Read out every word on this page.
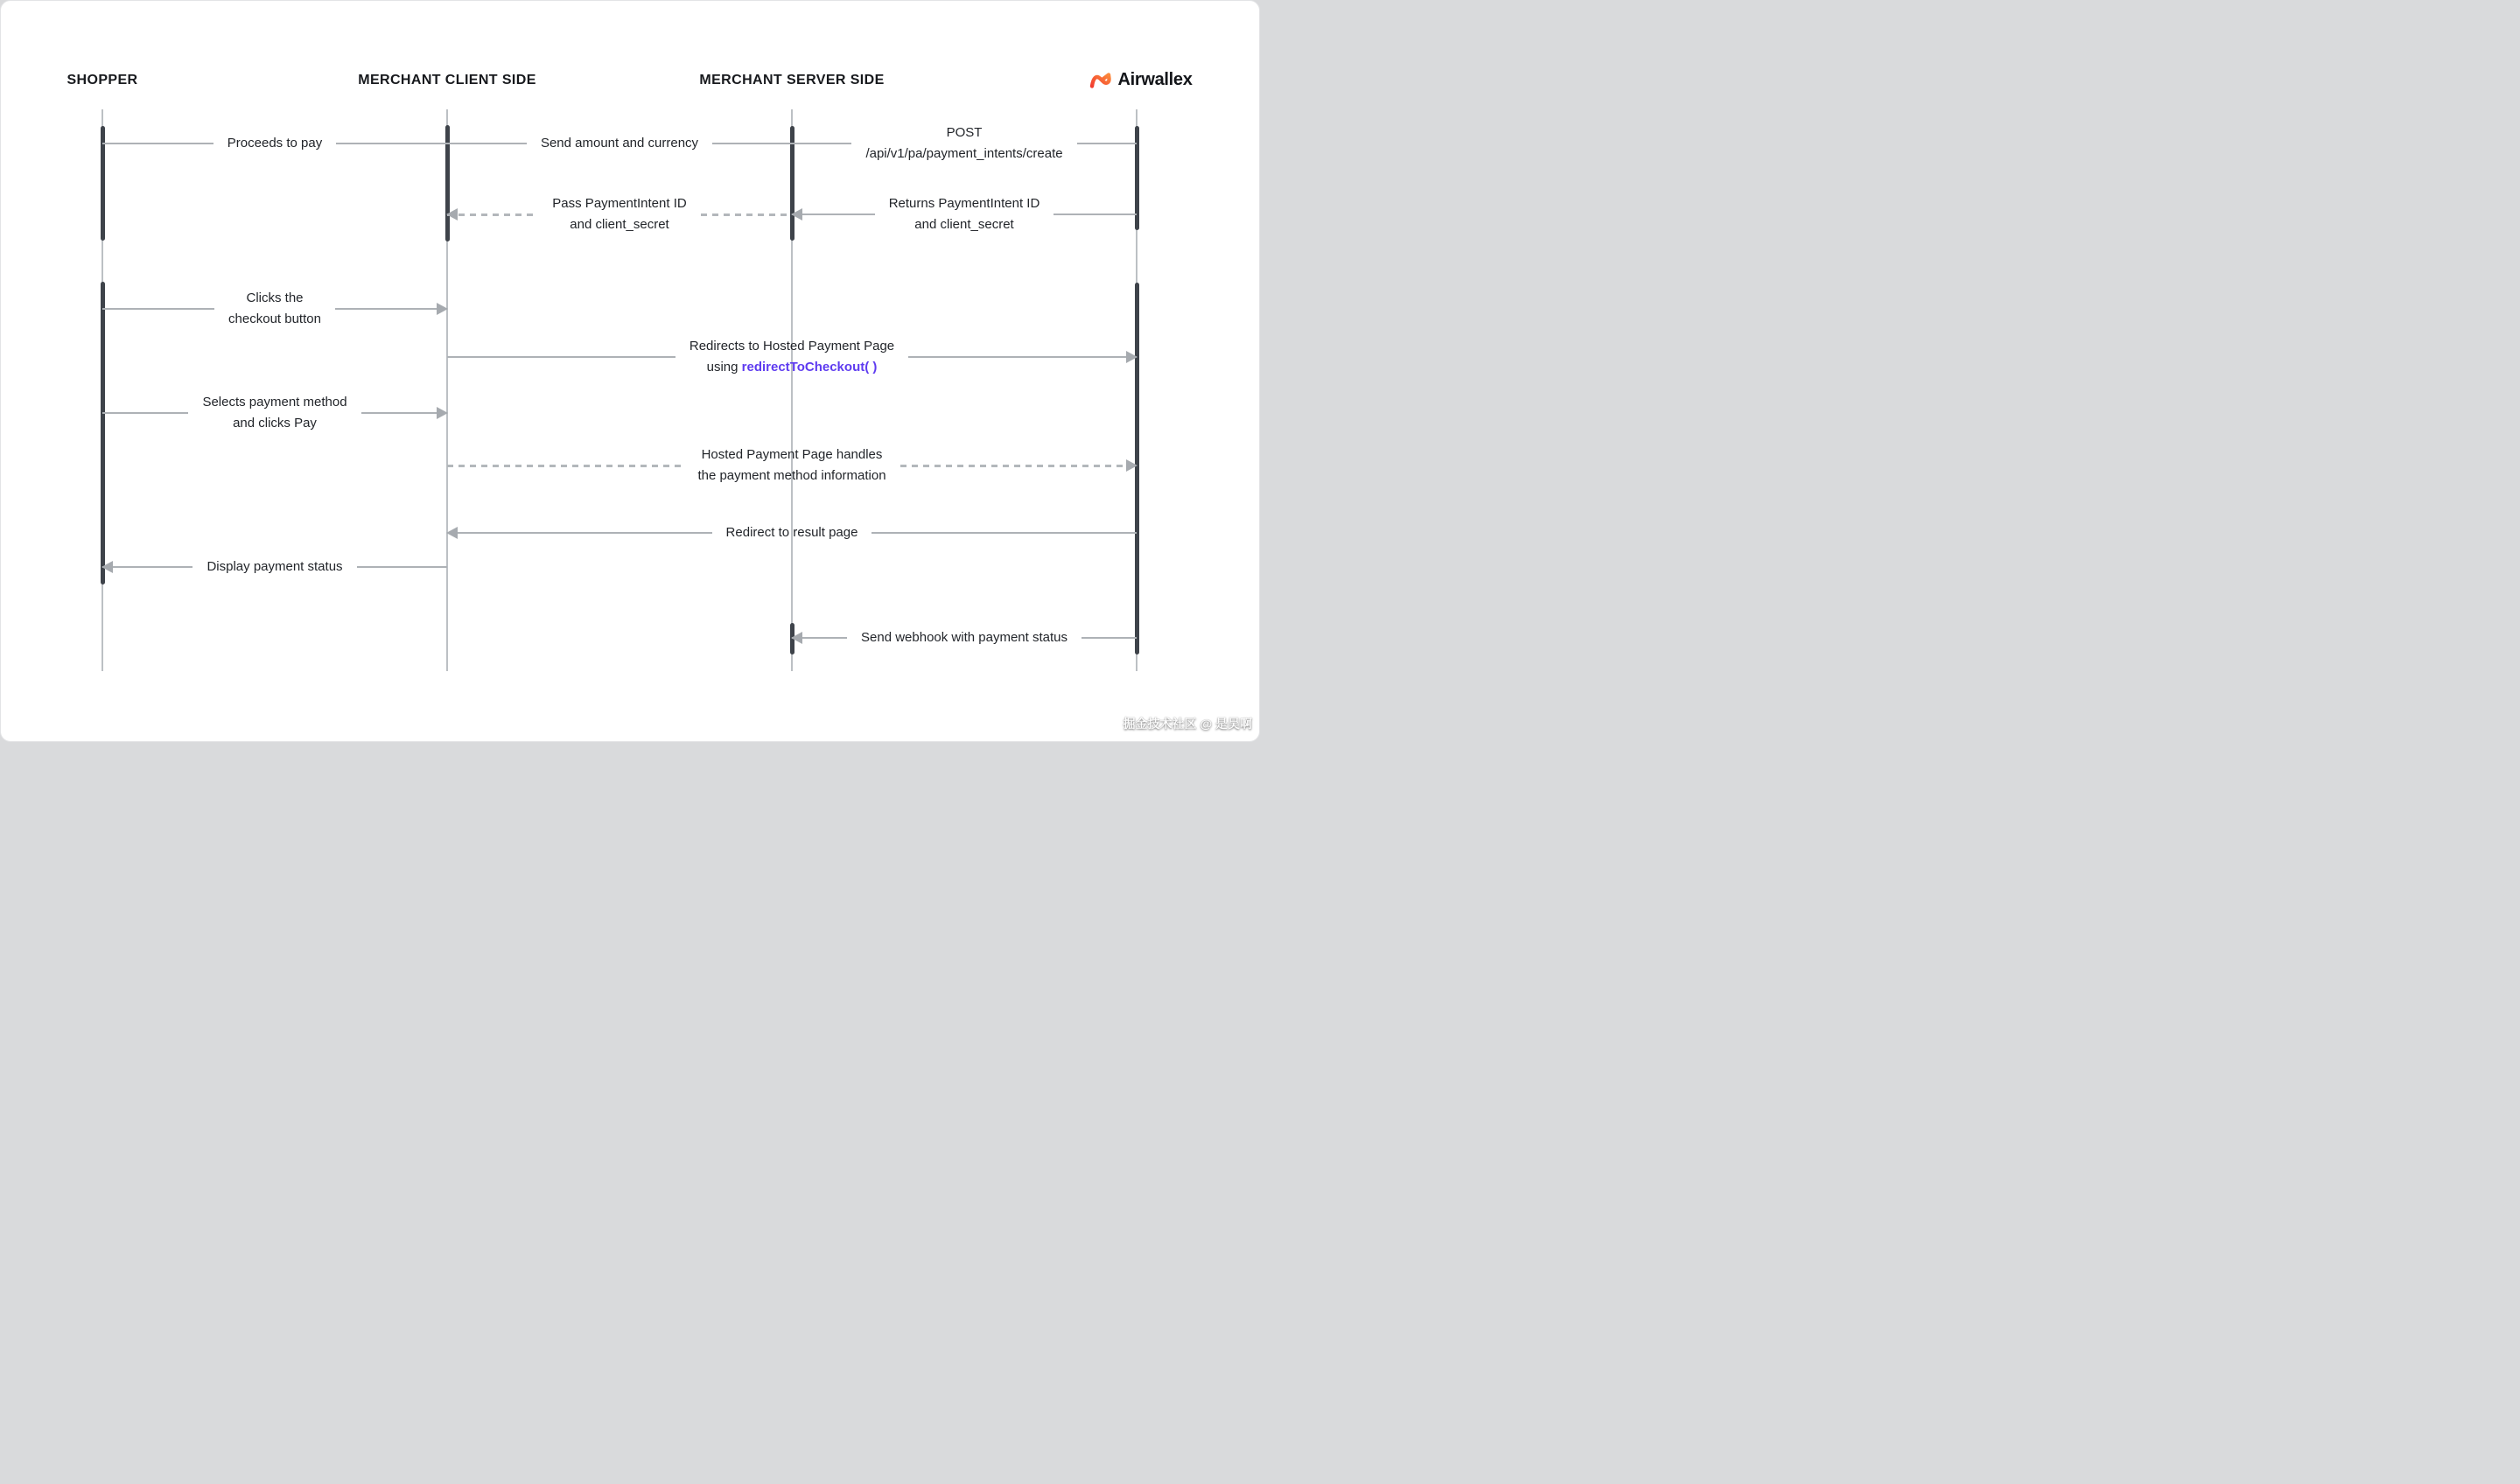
SHOPPER	MERCHANT CLIENT SIDE	MERCHANT SERVER SIDE	Airwallex
Proceeds to pay	Send amount and currency
POST
/api/v1/pa/payment_intents/create
Pass PaymentIntent ID
and client_secret
Returns PaymentIntent ID
and client_secret
Clicks the
checkout button
Redirects to Hosted Payment Page
using redirectToCheckout( )
Selects payment method
and clicks Pay
Hosted Payment Page handles
the payment method information
Redirect to result page
Display payment status
Send webhook with payment status
掘金技术社区 @ 是吴啊
